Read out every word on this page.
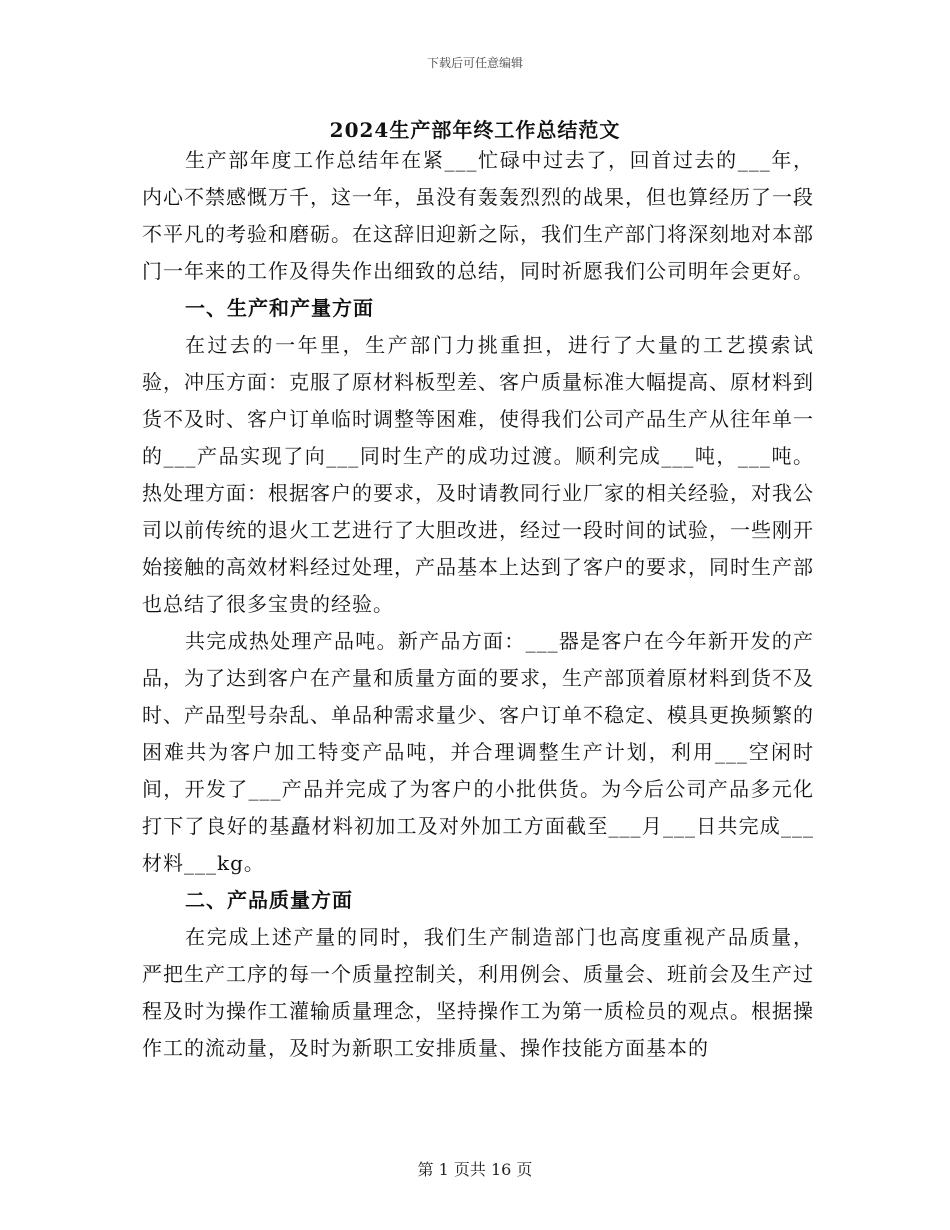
下载后可任意编辑
2024生产部年终工作总结范文

生产部年度工作总结年在紧___忙碌中过去了，回首过去的___年，内心不禁感慨万千，这一年，虽没有轰轰烈烈的战果，但也算经历了一段不平凡的考验和磨砺。在这辞旧迎新之际，我们生产部门将深刻地对本部门一年来的工作及得失作出细致的总结，同时祈愿我们公司明年会更好。

一、生产和产量方面

在过去的一年里，生产部门力挑重担，进行了大量的工艺摸索试验，冲压方面：克服了原材料板型差、客户质量标准大幅提高、原材料到货不及时、客户订单临时调整等困难，使得我们公司产品生产从往年单一的___产品实现了向___同时生产的成功过渡。顺利完成___吨，___吨。热处理方面：根据客户的要求，及时请教同行业厂家的相关经验，对我公司以前传统的退火工艺进行了大胆改进，经过一段时间的试验，一些刚开始接触的高效材料经过处理，产品基本上达到了客户的要求，同时生产部也总结了很多宝贵的经验。

共完成热处理产品吨。新产品方面：___器是客户在今年新开发的产品，为了达到客户在产量和质量方面的要求，生产部顶着原材料到货不及时、产品型号杂乱、单品种需求量少、客户订单不稳定、模具更换频繁的困难共为客户加工特变产品吨，并合理调整生产计划，利用___空闲时间，开发了___产品并完成了为客户的小批供货。为今后公司产品多元化打下了良好的基矗材料初加工及对外加工方面截至___月___日共完成___材料___kg。

二、产品质量方面

在完成上述产量的同时，我们生产制造部门也高度重视产品质量，严把生产工序的每一个质量控制关，利用例会、质量会、班前会及生产过程及时为操作工灌输质量理念，坚持操作工为第一质检员的观点。根据操作工的流动量，及时为新职工安排质量、操作技能方面基本的

第 1 页共 16 页
